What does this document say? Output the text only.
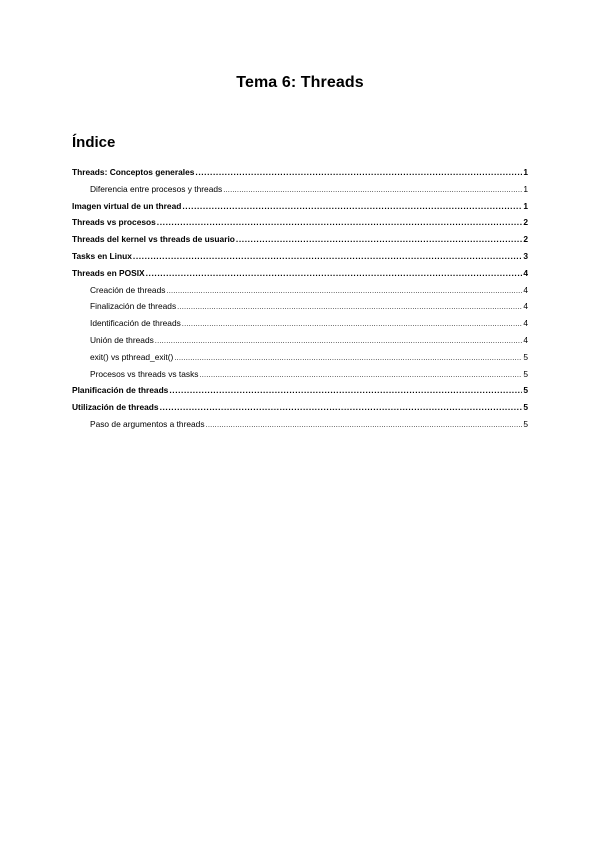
Tema 6: Threads
Índice
Threads: Conceptos generales .....	1
Diferencia entre procesos y threads .....	1
Imagen virtual de un thread .....	1
Threads vs procesos .....	2
Threads del kernel vs threads de usuario .....	2
Tasks en Linux .....	3
Threads en POSIX .....	4
Creación de threads .....	4
Finalización de threads .....	4
Identificación de threads .....	4
Unión de threads .....	4
exit() vs pthread_exit() .....	5
Procesos vs threads vs tasks .....	5
Planificación de threads .....	5
Utilización de threads .....	5
Paso de argumentos a threads .....	5
